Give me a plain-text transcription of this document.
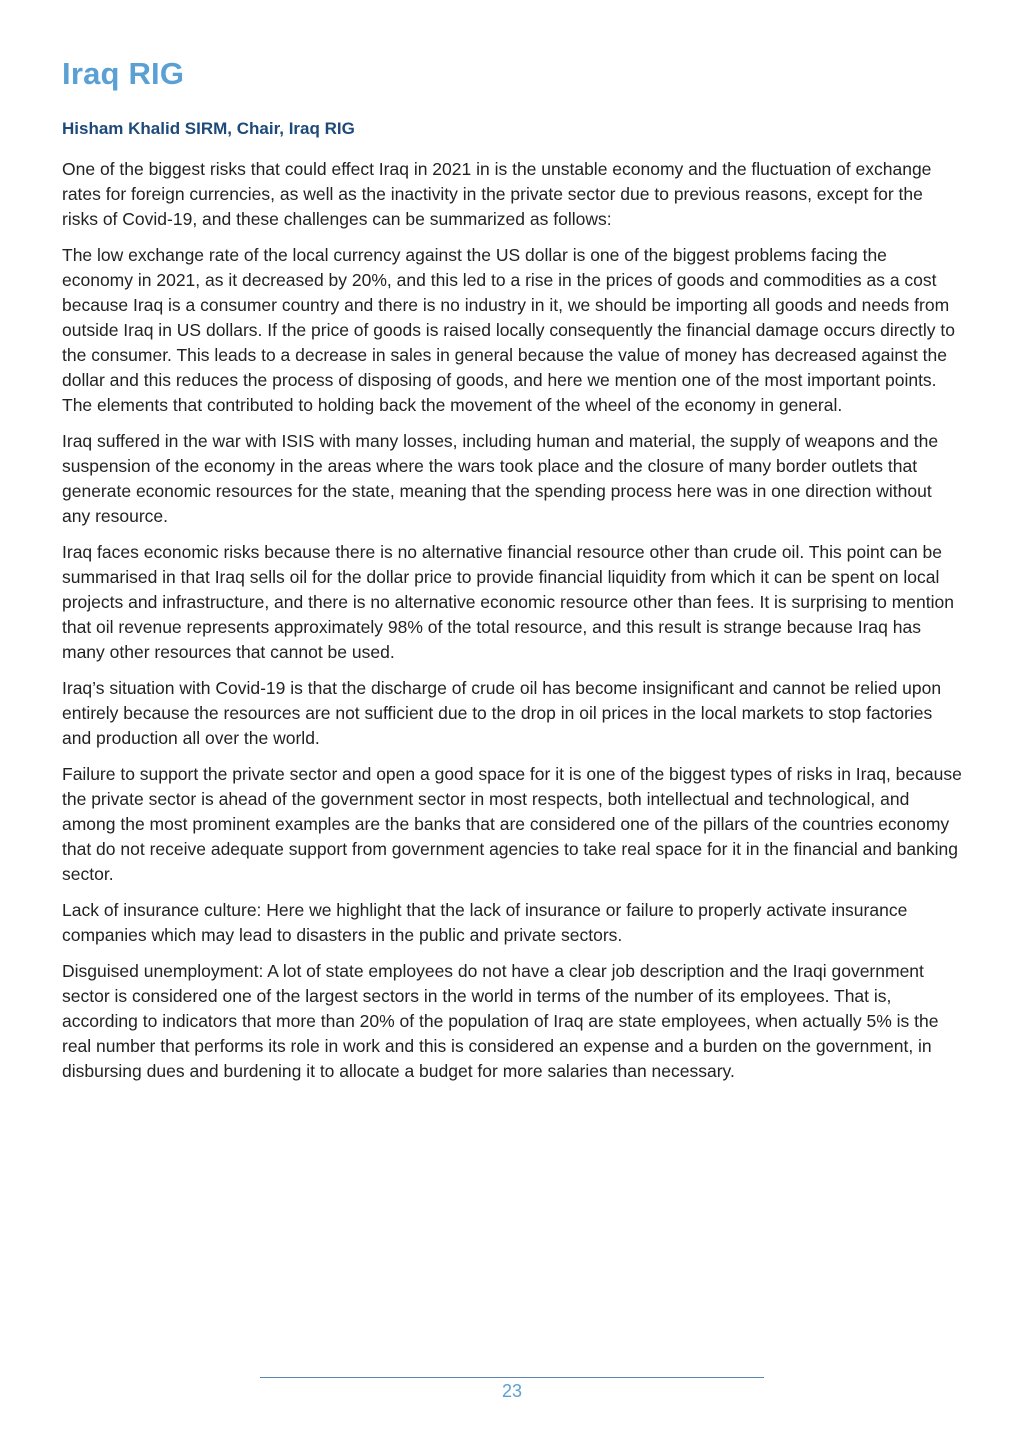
Iraq RIG
Hisham Khalid SIRM, Chair, Iraq RIG

One of the biggest risks that could effect Iraq in 2021 in is the unstable economy and the fluctuation of exchange rates for foreign currencies, as well as the inactivity in the private sector due to previous reasons, except for the risks of Covid-19, and these challenges can be summarized as follows:

The low exchange rate of the local currency against the US dollar is one of the biggest problems facing the economy in 2021, as it decreased by 20%, and this led to a rise in the prices of goods and commodities as a cost because Iraq is a consumer country and there is no industry in it, we should be importing all goods and needs from outside Iraq in US dollars. If the price of goods is raised locally consequently the financial damage occurs directly to the consumer. This leads to a decrease in sales in general because the value of money has decreased against the dollar and this reduces the process of disposing of goods, and here we mention one of the most important points. The elements that contributed to holding back the movement of the wheel of the economy in general.

Iraq suffered in the war with ISIS with many losses, including human and material, the supply of weapons and the suspension of the economy in the areas where the wars took place and the closure of many border outlets that generate economic resources for the state, meaning that the spending process here was in one direction without any resource.

Iraq faces economic risks because there is no alternative financial resource other than crude oil. This point can be summarised in that Iraq sells oil for the dollar price to provide financial liquidity from which it can be spent on local projects and infrastructure, and there is no alternative economic resource other than fees. It is surprising to mention that oil revenue represents approximately 98% of the total resource, and this result is strange because Iraq has many other resources that cannot be used.

Iraq’s situation with Covid-19 is that the discharge of crude oil has become insignificant and cannot be relied upon entirely because the resources are not sufficient due to the drop in oil prices in the local markets to stop factories and production all over the world.

Failure to support the private sector and open a good space for it is one of the biggest types of risks in Iraq, because the private sector is ahead of the government sector in most respects, both intellectual and technological, and among the most prominent examples are the banks that are considered one of the pillars of the countries economy that do not receive adequate support from government agencies to take real space for it in the financial and banking sector.

Lack of insurance culture: Here we highlight that the lack of insurance or failure to properly activate insurance companies which may lead to disasters in the public and private sectors.

Disguised unemployment: A lot of state employees do not have a clear job description and the Iraqi government sector is considered one of the largest sectors in the world in terms of the number of its employees. That is, according to indicators that more than 20% of the population of Iraq are state employees, when actually 5% is the real number that performs its role in work and this is considered an expense and a burden on the government, in disbursing dues and burdening it to allocate a budget for more salaries than necessary.

23
